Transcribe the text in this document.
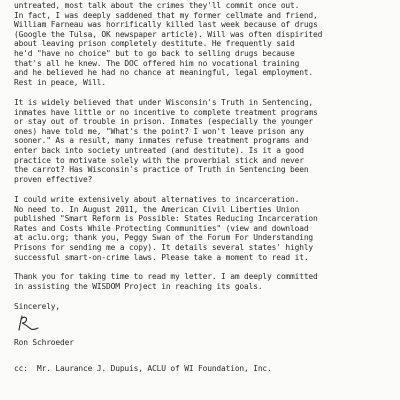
untreated, most talk about the crimes they'll commit once out.
In fact, I was deeply saddened that my former cellmate and friend,
William Farneau was horrifically killed last week because of drugs
(Google the Tulsa, OK newspaper article). Will was often dispirited
about leaving prison completely destitute. He frequently said
he'd "have no choice" but to go back to selling drugs because
that's all he knew. The DOC offered him no vocational training
and he believed he had no chance at meaningful, legal employment.
Rest in peace, Will.
It is widely believed that under Wisconsin's Truth in Sentencing,
inmates have little or no incentive to complete treatment programs
or stay out of trouble in prison. Inmates (especially the younger
ones) have told me, "What's the point? I won't leave prison any
sooner." As a result, many inmates refuse treatment programs and
enter back into society untreated (and destitute). Is it a good
practice to motivate solely with the proverbial stick and never
the carrot? Has Wisconsin's practice of Truth in Sentencing been
proven effective?
I could write extensively about alternatives to incarceration.
No need to. In August 2011, the American Civil Liberties Union
published "Smart Reform is Possible: States Reducing Incarceration
Rates and Costs While Protecting Communities" (view and download
at aclu.org; thank you, Peggy Swan of the Forum For Understanding
Prisons for sending me a copy). It details several states' highly
successful smart-on-crime laws. Please take a moment to read it.
Thank you for taking time to read my letter. I am deeply committed
in assisting the WISDOM Project in reaching its goals.
Sincerely,
Ron Schroeder
cc:  Mr. Laurance J. Dupuis, ACLU of WI Foundation, Inc.
